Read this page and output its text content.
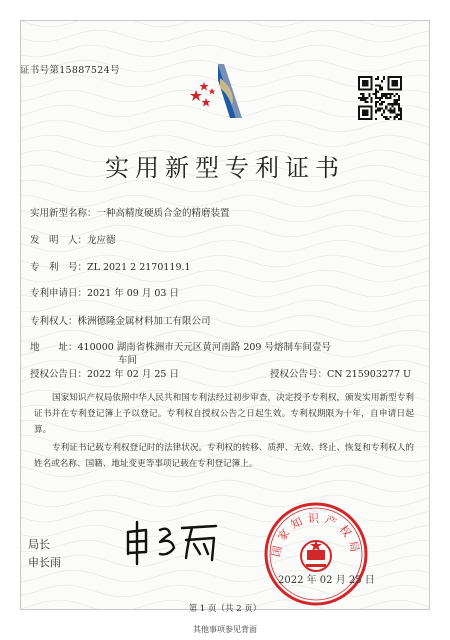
证书号第15887524号
实用新型专利证书
实用新型名称：一种高精度硬质合金的精磨装置
发　明　人：龙应德
专　利　号：ZL 2021 2 2170119.1
专利申请日：2021 年 09 月 03 日
专利权人：株洲德隆金属材料加工有限公司
地　　址：410000 湖南省株洲市天元区黄河南路 209 号熔制车间壹号
授权公告日：2022 年 02 月 25 日
车间
授权公告号：CN 215903277 U

国家知识产权局依照中华人民共和国专利法经过初步审查，决定授予专利权，颁发实用新型专利证书并在专利登记簿上予以登记。专利权自授权公告之日起生效。专利权期限为十年，自申请日起算。

专利证书记载专利权登记时的法律状况。专利权的转移、质押、无效、终止、恢复和专利权人的姓名或名称、国籍、地址变更等事项记载在专利登记簿上。

局长
申长雨
国家知识产权局
2022 年 02 月 25 日
第 1 页（共 2 页）
其他事项参见背面
